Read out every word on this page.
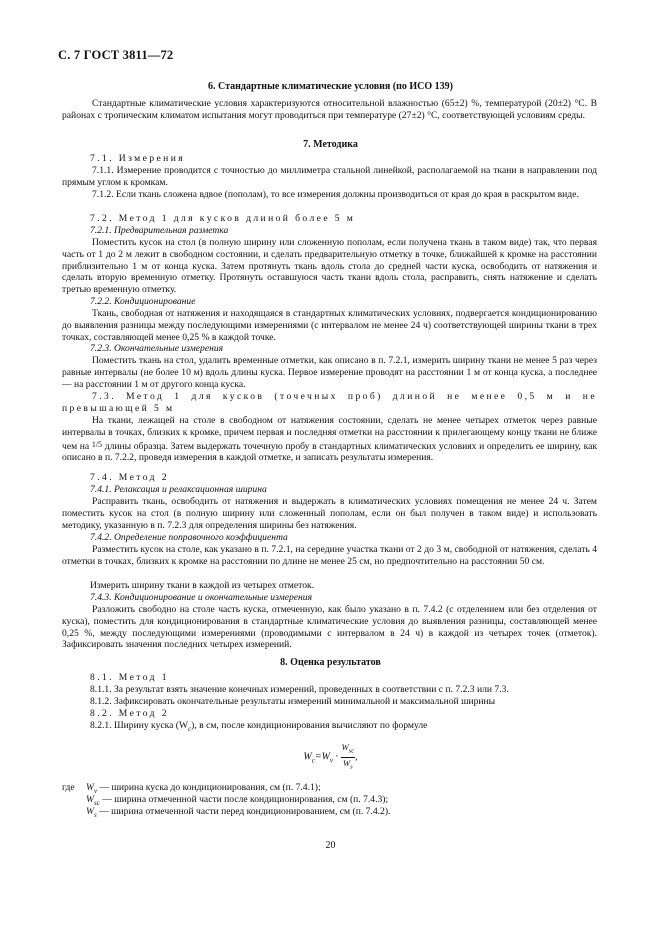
С. 7 ГОСТ 3811—72
6. Стандартные климатические условия (по ИСО 139)
Стандартные климатические условия характеризуются относительной влажностью (65±2) %, температурой (20±2) °С. В районах с тропическим климатом испытания могут проводиться при температуре (27±2) °С, соответствующей условиям среды.
7. Методика
7.1. Измерения
7.1.1. Измерение проводится с точностью до миллиметра стальной линейкой, располагаемой на ткани в направлении под прямым углом к кромкам.
7.1.2. Если ткань сложена вдвое (пополам), то все измерения должны производиться от края до края в раскрытом виде.
7.2. Метод 1 для кусков длиной более 5 м
7.2.1. Предварительная разметка
Поместить кусок на стол (в полную ширину или сложенную пополам, если получена ткань в таком виде) так, что первая часть от 1 до 2 м лежит в свободном состоянии, и сделать предварительную отметку в точке, ближайшей к кромке на расстоянии приблизительно 1 м от конца куска. Затем протянуть ткань вдоль стола до средней части куска, освободить от натяжения и сделать вторую временную отметку. Протянуть оставшуюся часть ткани вдоль стола, расправить, снять натяжение и сделать третью временную отметку.
7.2.2. Кондиционирование
Ткань, свободная от натяжения и находящаяся в стандартных климатических условиях, подвергается кондиционированию до выявления разницы между последующими измерениями (с интервалом не менее 24 ч) соответствующей ширины ткани в трех точках, составляющей менее 0,25 % в каждой точке.
7.2.3. Окончательные измерения
Поместить ткань на стол, удалить временные отметки, как описано в п. 7.2.1, измерить ширину ткани не менее 5 раз через равные интервалы (не более 10 м) вдоль длины куска. Первое измерение проводят на расстоянии 1 м от конца куска, а последнее — на расстоянии 1 м от другого конца куска.
7.3. Метод 1 для кусков (точечных проб) длиной не менее 0,5 м и не превышающей 5 м
На ткани, лежащей на столе в свободном от натяжения состоянии, сделать не менее четырех отметок через равные интервалы в точках, близких к кромке, причем первая и последняя отметки на расстоянии к прилегающему концу ткани не ближе чем на $^{1/5}$ длины образца. Затем выдержать точечную пробу в стандартных климатических условиях и определить ее ширину, как описано в п. 7.2.2, проведя измерения в каждой отметке, и записать результаты измерения.
7.4. Метод 2
7.4.1. Релаксация и релаксационная ширина
Расправить ткань, освободить от натяжения и выдержать в климатических условиях помещения не менее 24 ч. Затем поместить кусок на стол (в полную ширину или сложенный пополам, если он был получен в таком виде) и использовать методику, указанную в п. 7.2.3 для определения ширины без натяжения.
7.4.2. Определение поправочного коэффициента
Разместить кусок на столе, как указано в п. 7.2.1, на середине участка ткани от 2 до 3 м, свободной от натяжения, сделать 4 отметки в точках, близких к кромке на расстоянии по длине не менее 25 см, но предпочтительно на расстоянии 50 см.
Измерить ширину ткани в каждой из четырех отметок.
7.4.3. Кондиционирование и окончательные измерения
Разложить свободно на столе часть куска, отмеченную, как было указано в п. 7.4.2 (с отделением или без отделения от куска), поместить для кондиционирования в стандартные климатические условия до выявления разницы, составляющей менее 0,25 %, между последующими измерениями (проводимыми с интервалом в 24 ч) в каждой из четырех точек (отметок). Зафиксировать значения последних четырех измерений.
8. Оценка результатов
8.1. Метод 1
8.1.1. За результат взять значение конечных измерений, проведенных в соответствии с п. 7.2.3 или 7.3.
8.1.2. Зафиксировать окончательные результаты измерений минимальной и максимальной ширины
8.2. Метод 2
8.2.1. Ширину куска $(W_c)$, в см, после кондиционирования вычисляют по формуле
$W_c=W_v \cdot \frac{W_{sc}}{W_s}$ ,
где $W_v$ — ширина куска до кондиционирования, см (п. 7.4.1);
$W_{sc}$ — ширина отмеченной части после кондиционирования, см (п. 7.4.3);
$W_s$ — ширина отмеченной части перед кондиционированием, см (п. 7.4.2).
20
